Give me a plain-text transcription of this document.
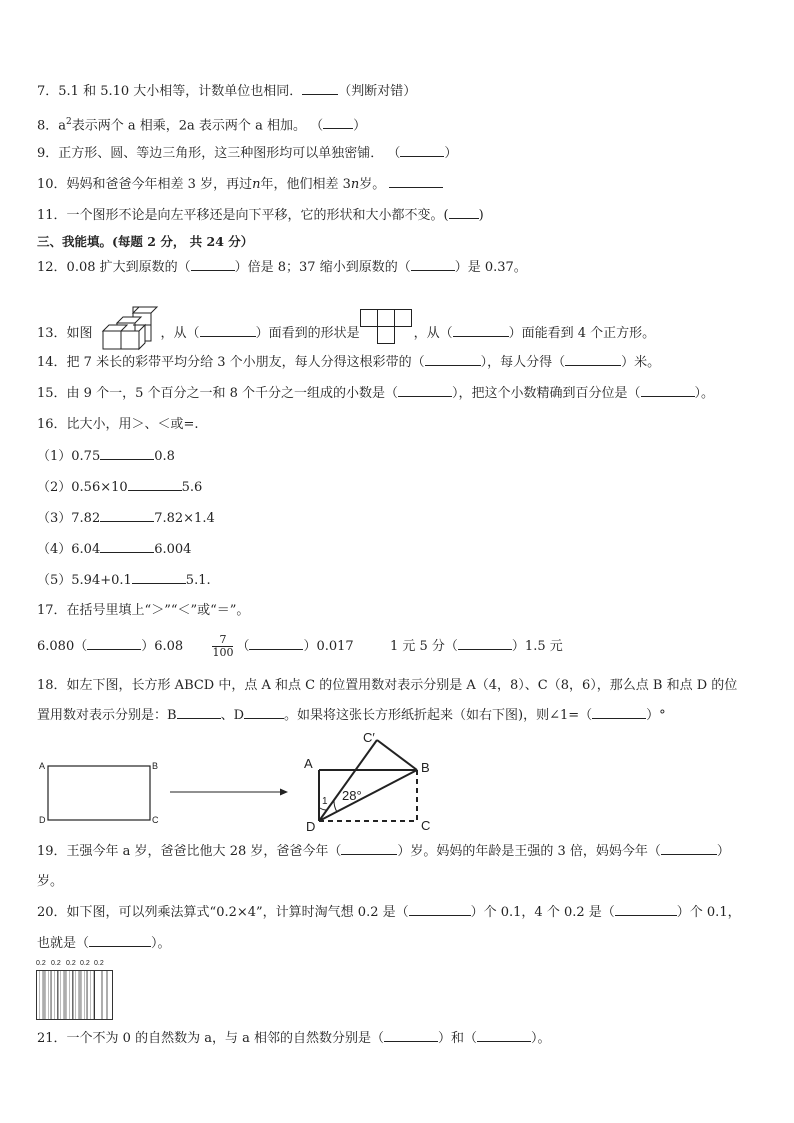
7．5.1 和 5.10 大小相等，计数单位也相同．	（判断对错）
8．$a^2$表示两个 a 相乘，2a 表示两个 a 相加。 （ ）
9．正方形、圆、等边三角形，这三种图形均可以单独密铺． （	）
10．妈妈和爸爸今年相差 3 岁，再过n年，他们相差 3n岁。
11．一个图形不论是向左平移还是向下平移，它的形状和大小都不变。( )
三、我能填。(每题 2 分， 共 24 分）
12．0.08 扩大到原数的（	）倍是 8；37 缩小到原数的（	）是 0.37。
13．如图	，从（	）面看到的形状是	，从（	）面能看到 4 个正方形。
14．把 7 米长的彩带平均分给 3 个小朋友，每人分得这根彩带的（	），每人分得（	）米。
15．由 9 个一，5 个百分之一和 8 个千分之一组成的小数是（	），把这个小数精确到百分位是（	）。
16．比大小，用＞、＜或=.
（1）0.75	0.8
（2）0.56×10	5.6
（3）7.82	7.82×1.4
（4）6.04	6.004
（5）5.94+0.1	5.1.
17．在括号里填上“＞”“＜”或“＝”。
6.080（	）6.08	$\frac{7}{100}$ （	）0.017	1 元 5 分（	）1.5 元
18．如左下图，长方形 ABCD 中，点 A 和点 C 的位置用数对表示分别是 A（4，8）、C（8，6），那么点 B 和点 D 的位
置用数对表示分别是：B	、D	。如果将这张长方形纸折起来（如右下图)，则∠1=（	）°
A	B
C
D
A	B
C
D
C′
28°
1
19．王强今年 a 岁，爸爸比他大 28 岁，爸爸今年（	）岁。妈妈的年龄是王强的 3 倍，妈妈今年（	）
岁。
20．如下图，可以列乘法算式“0.2×4”，计算时淘气想 0.2 是（	）个 0.1，4 个 0.2 是（	）个 0.1，
也就是（	）。
0.2 0.2 0.2 0.2 0.2
21．一个不为 0 的自然数为 a，与 a 相邻的自然数分别是（	）和（	）。
